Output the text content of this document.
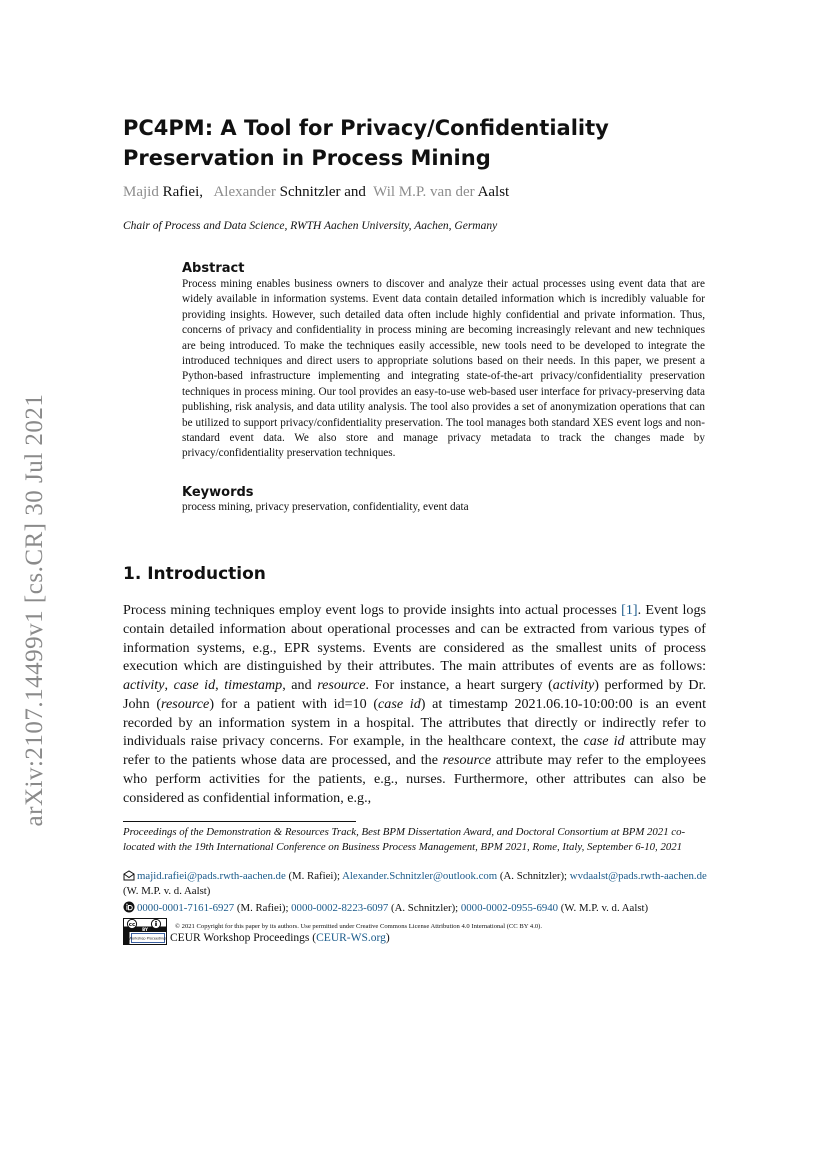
arXiv:2107.14499v1 [cs.CR] 30 Jul 2021
PC4PM: A Tool for Privacy/Confidentiality Preservation in Process Mining
Majid Rafiei, Alexander Schnitzler and Wil M.P. van der Aalst
Chair of Process and Data Science, RWTH Aachen University, Aachen, Germany
Abstract

Process mining enables business owners to discover and analyze their actual processes using event data that are widely available in information systems. Event data contain detailed information which is incredibly valuable for providing insights. However, such detailed data often include highly confidential and private information. Thus, concerns of privacy and confidentiality in process mining are becoming increasingly relevant and new techniques are being introduced. To make the techniques easily accessible, new tools need to be developed to integrate the introduced techniques and direct users to appropriate solutions based on their needs. In this paper, we present a Python-based infrastructure implementing and integrating state-of-the-art privacy/confidentiality preservation techniques in process mining. Our tool provides an easy-to-use web-based user interface for privacy-preserving data publishing, risk analysis, and data utility analysis. The tool also provides a set of anonymization operations that can be utilized to support privacy/confidentiality preservation. The tool manages both standard XES event logs and non-standard event data. We also store and manage privacy metadata to track the changes made by privacy/confidentiality preservation techniques.

Keywords

process mining, privacy preservation, confidentiality, event data

1. Introduction

Process mining techniques employ event logs to provide insights into actual processes [1]. Event logs contain detailed information about operational processes and can be extracted from various types of information systems, e.g., EPR systems. Events are considered as the smallest units of process execution which are distinguished by their attributes. The main attributes of events are as follows: activity, case id, timestamp, and resource. For instance, a heart surgery (activity) performed by Dr. John (resource) for a patient with id=10 (case id) at timestamp 2021.06.10-10:00:00 is an event recorded by an information system in a hospital. The attributes that directly or indirectly refer to individuals raise privacy concerns. For example, in the healthcare context, the case id attribute may refer to the patients whose data are processed, and the resource attribute may refer to the employees who perform activities for the patients, e.g., nurses. Furthermore, other attributes can also be considered as confidential information, e.g.,

Proceedings of the Demonstration & Resources Track, Best BPM Dissertation Award, and Doctoral Consortium at BPM 2021 co-located with the 19th International Conference on Business Process Management, BPM 2021, Rome, Italy, September 6-10, 2021

majid.rafiei@pads.rwth-aachen.de (M. Rafiei); Alexander.Schnitzler@outlook.com (A. Schnitzler); wvdaalst@pads.rwth-aachen.de (W. M.P. v. d. Aalst)

0000-0001-7161-6927 (M. Rafiei); 0000-0002-8223-6097 (A. Schnitzler); 0000-0002-0955-6940 (W. M.P. v. d. Aalst)

cc
BY	$^{© 2021 Copyright for this paper by its authors. Use permitted under Creative Commons License Attribution 4.0 International (CC BY 4.0).}$
Workshop Proceedings CEUR Workshop Proceedings (CEUR-WS.org)
